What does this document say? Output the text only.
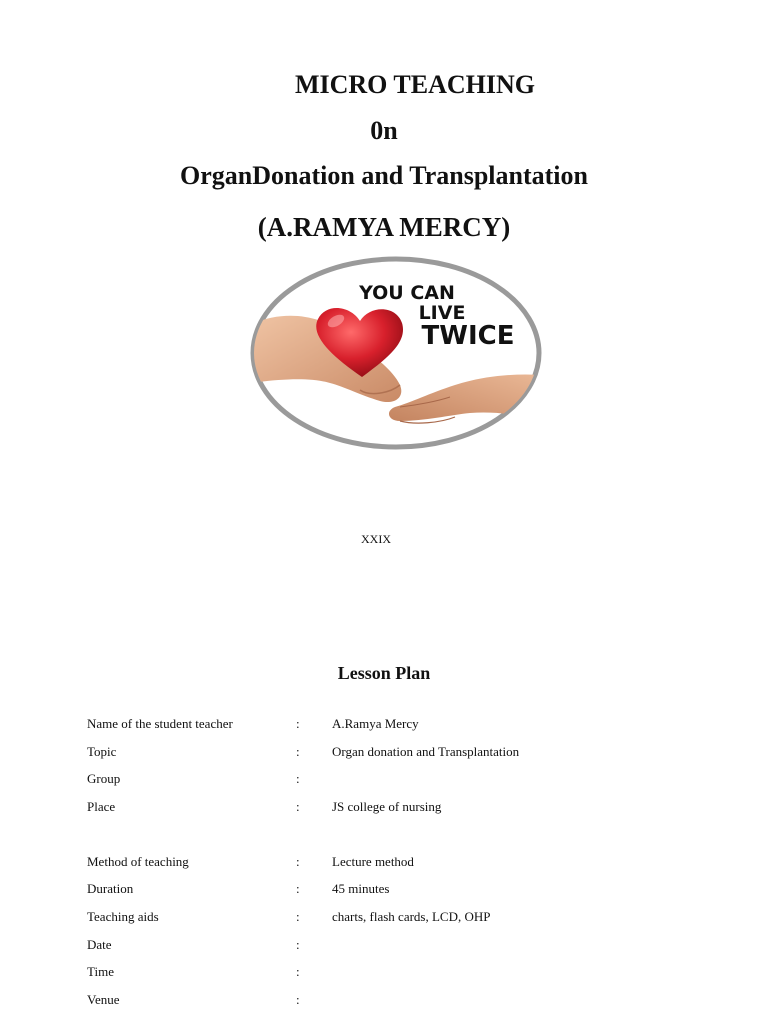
MICRO TEACHING
0n
OrganDonation and Transplantation
(A.RAMYA MERCY)
YOU CAN
LIVE
TWICE
XXIX
Lesson Plan
Name of the student teacher	: A.Ramya Mercy
Topic	: Organ donation and Transplantation
Group	:
Place	: JS college of nursing
Method of teaching	: Lecture method
Duration	: 45 minutes
Teaching aids	: charts, flash cards, LCD, OHP
Date	:
Time	:
Venue	:
